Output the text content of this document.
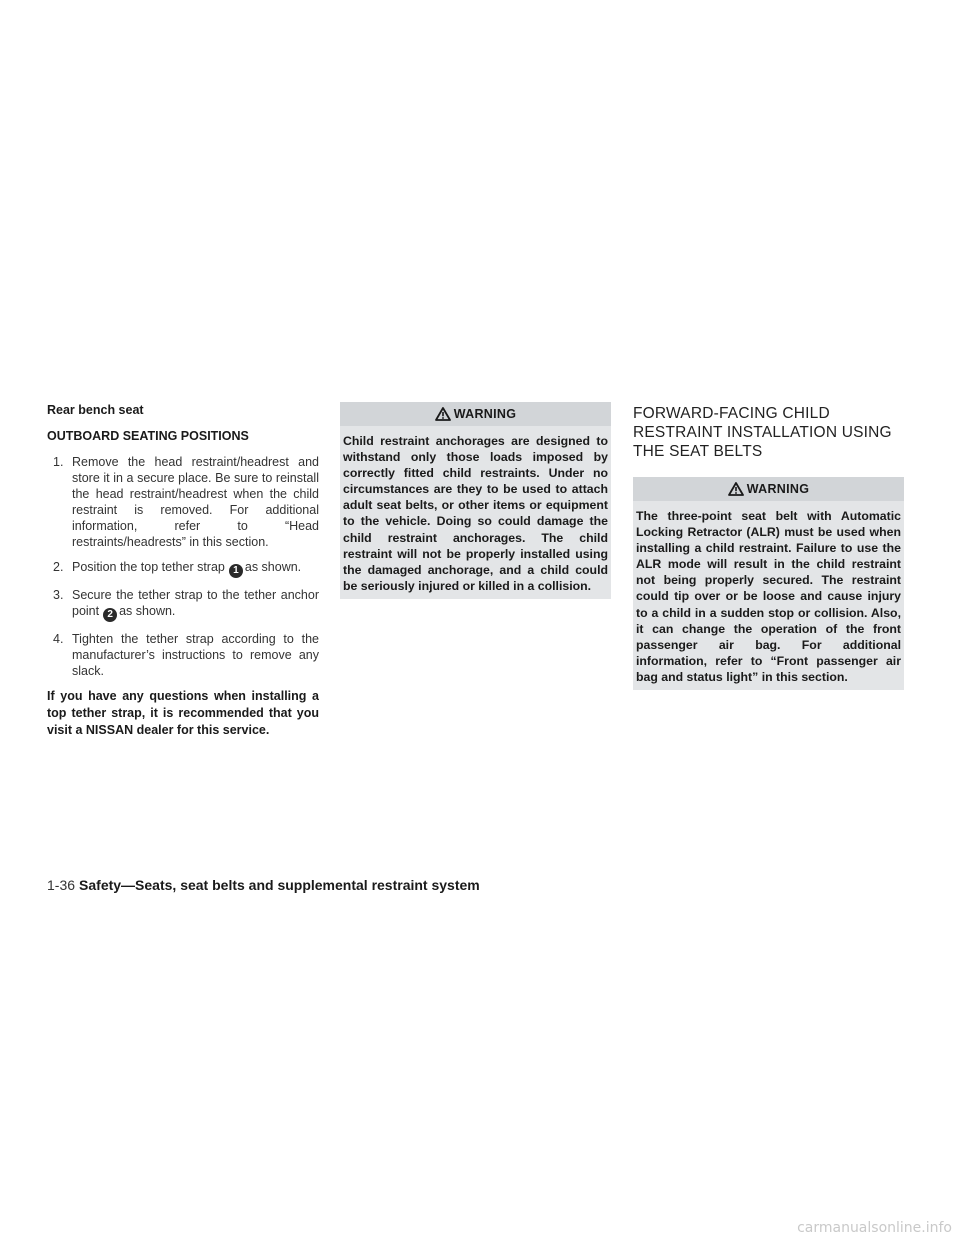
Rear bench seat
OUTBOARD SEATING POSITIONS
1. Remove the head restraint/headrest and store it in a secure place. Be sure to reinstall the head restraint/headrest when the child restraint is removed. For additional information, refer to “Head restraints/headrests” in this section.
2. Position the top tether strap 1 as shown.
3. Secure the tether strap to the tether anchor point 2 as shown.
4. Tighten the tether strap according to the manufacturer’s instructions to remove any slack.

If you have any questions when installing a top tether strap, it is recommended that you visit a NISSAN dealer for this service.

WARNING
Child restraint anchorages are designed to withstand only those loads imposed by correctly fitted child restraints. Under no circumstances are they to be used to attach adult seat belts, or other items or equipment to the vehicle. Doing so could damage the child restraint anchorages. The child restraint will not be properly installed using the damaged anchorage, and a child could be seriously injured or killed in a collision.
FORWARD-FACING CHILD RESTRAINT INSTALLATION USING THE SEAT BELTS
WARNING
The three-point seat belt with Automatic Locking Retractor (ALR) must be used when installing a child restraint. Failure to use the ALR mode will result in the child restraint not being properly secured. The restraint could tip over or be loose and cause injury to a child in a sudden stop or collision. Also, it can change the operation of the front passenger air bag. For additional information, refer to “Front passenger air bag and status light” in this section.
1-36 Safety—Seats, seat belts and supplemental restraint system
carmanualsonline.info
